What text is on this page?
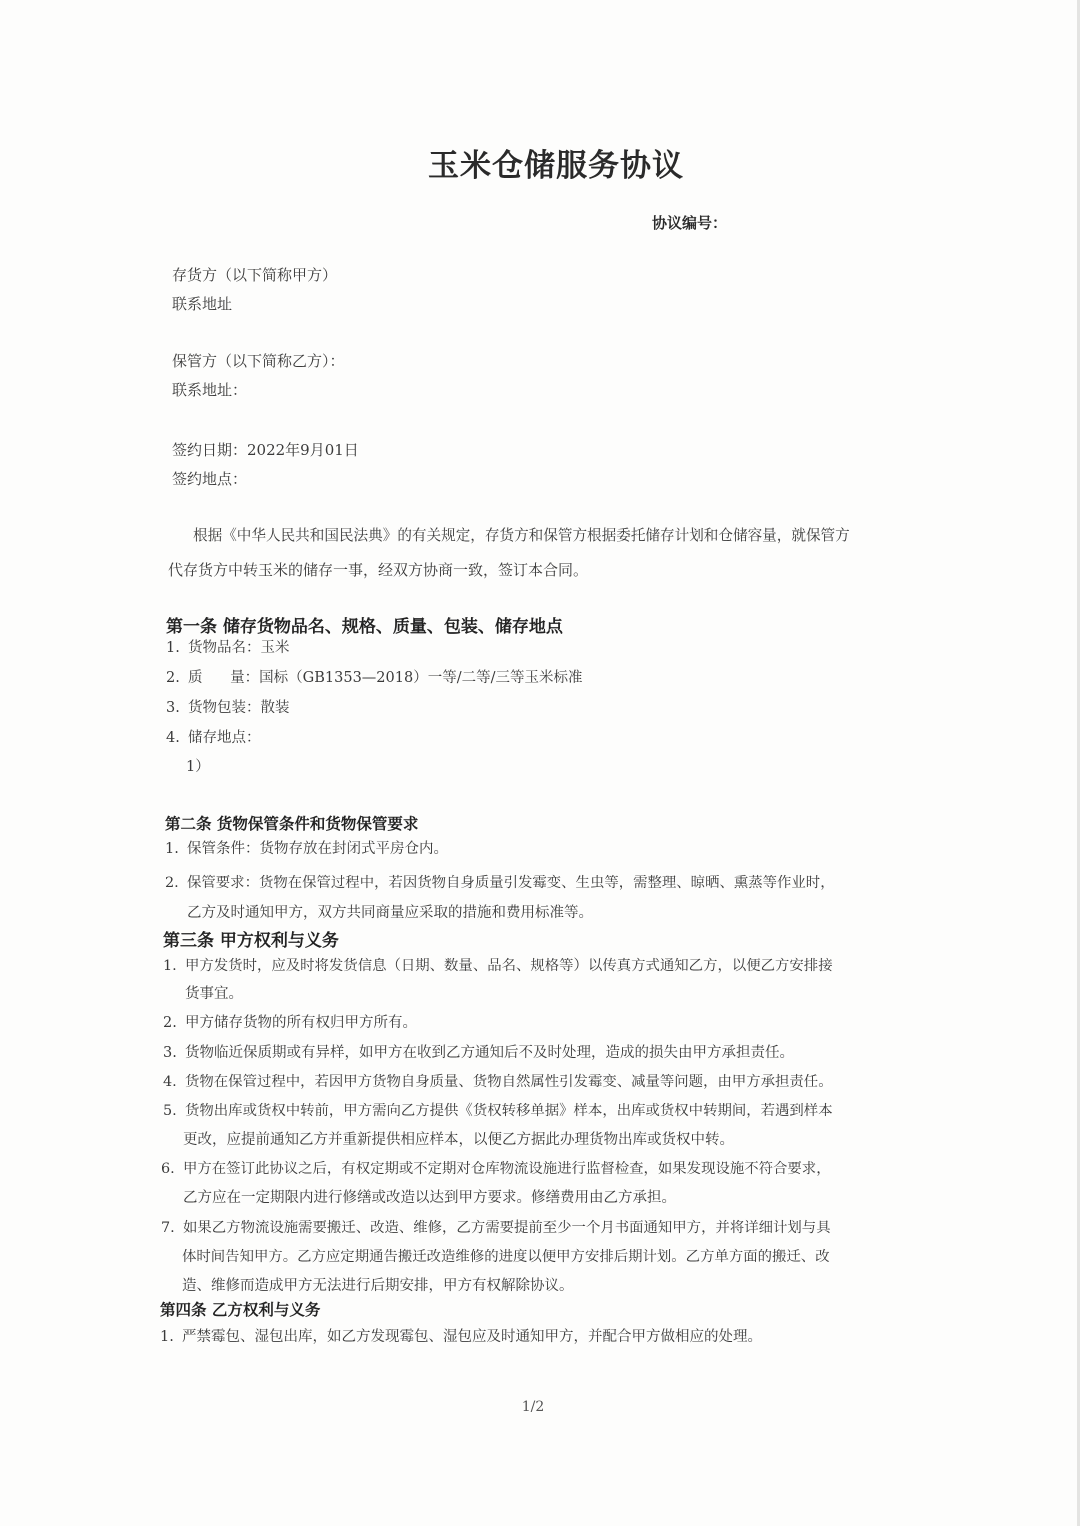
玉米仓储服务协议
协议编号：
存货方（以下简称甲方）
联系地址
保管方（以下简称乙方）：
联系地址：
签约日期：2022年9月01日
签约地点：
根据《中华人民共和国民法典》的有关规定，存货方和保管方根据委托储存计划和仓储容量，就保管方
代存货方中转玉米的储存一事，经双方协商一致，签订本合同。
第一条 储存货物品名、规格、质量、包装、储存地点
1. 货物品名：玉米
2. 质      量：国标（GB1353—2018）一等/二等/三等玉米标准
3. 货物包装：散装
4. 储存地点：
1）
第二条 货物保管条件和货物保管要求
1. 保管条件：货物存放在封闭式平房仓内。
2. 保管要求：货物在保管过程中，若因货物自身质量引发霉变、生虫等，需整理、晾晒、熏蒸等作业时，
乙方及时通知甲方，双方共同商量应采取的措施和费用标准等。
第三条 甲方权利与义务
1. 甲方发货时，应及时将发货信息（日期、数量、品名、规格等）以传真方式通知乙方，以便乙方安排接
货事宜。
2. 甲方储存货物的所有权归甲方所有。
3. 货物临近保质期或有异样，如甲方在收到乙方通知后不及时处理，造成的损失由甲方承担责任。
4. 货物在保管过程中，若因甲方货物自身质量、货物自然属性引发霉变、减量等问题，由甲方承担责任。
5. 货物出库或货权中转前，甲方需向乙方提供《货权转移单据》样本，出库或货权中转期间，若遇到样本
更改，应提前通知乙方并重新提供相应样本，以便乙方据此办理货物出库或货权中转。
6. 甲方在签订此协议之后，有权定期或不定期对仓库物流设施进行监督检查，如果发现设施不符合要求，
乙方应在一定期限内进行修缮或改造以达到甲方要求。修缮费用由乙方承担。
7. 如果乙方物流设施需要搬迁、改造、维修，乙方需要提前至少一个月书面通知甲方，并将详细计划与具
体时间告知甲方。乙方应定期通告搬迁改造维修的进度以便甲方安排后期计划。乙方单方面的搬迁、改
造、维修而造成甲方无法进行后期安排，甲方有权解除协议。
第四条 乙方权利与义务
1. 严禁霉包、湿包出库，如乙方发现霉包、湿包应及时通知甲方，并配合甲方做相应的处理。
1/2
